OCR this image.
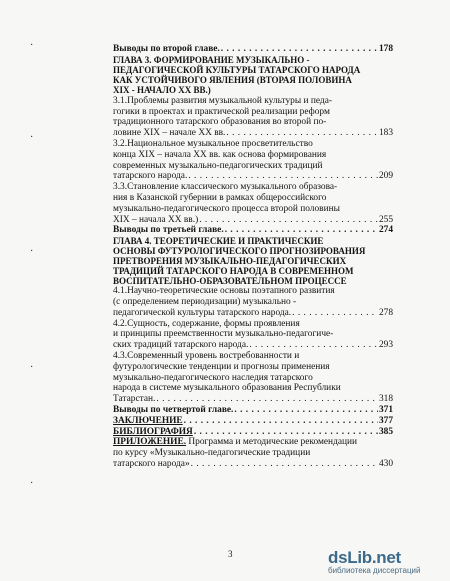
·
·
·
·
·
Выводы по второй главе. . . .	178
ГЛАВА 3. ФОРМИРОВАНИЕ МУЗЫКАЛЬНО -
ПЕДАГОГИЧЕСКОЙ КУЛЬТУРЫ ТАТАРСКОГО НАРОДА
КАК УСТОЙЧИВОГО ЯВЛЕНИЯ (ВТОРАЯ ПОЛОВИНА
XIX - НАЧАЛО XX ВВ.)
3.1.Проблемы развития музыкальной культуры и педа-
гогики в проектах и практической реализации реформ
традиционного татарского образования во второй по-
ловине XIX – начале XX вв. . . .	183
3.2.Национальное музыкальное просветительство
конца XIX – начала XX вв. как основа формирования
современных музыкально-педагогических традиций
татарского народа. . . .	209
3.3.Становление классического музыкального образова-
ния в Казанской губернии в рамках общероссийского
музыкально-педагогического процесса второй половины
XIX – начала XX вв.) . . .	255
Выводы по третьей главе. . . .	274
ГЛАВА 4. ТЕОРЕТИЧЕСКИЕ И ПРАКТИЧЕСКИЕ
ОСНОВЫ ФУТУРОЛОГИЧЕСКОГО ПРОГНОЗИРОВАНИЯ
ПРЕТВОРЕНИЯ МУЗЫКАЛЬНО-ПЕДАГОГИЧЕСКИХ
ТРАДИЦИЙ ТАТАРСКОГО НАРОДА В СОВРЕМЕННОМ
ВОСПИТАТЕЛЬНО-ОБРАЗОВАТЕЛЬНОМ ПРОЦЕССЕ
4.1.Научно-теоретические основы поэтапного развития
(с определением периодизации) музыкально -
педагогической культуры татарского народа. . . .	278
4.2.Сущность, содержание, формы проявления
и принципы преемственности музыкально-педагогиче-
ских традиций татарского народа. . . .	293
4.3.Современный уровень востребованности и
футурологические тенденции и прогнозы применения
музыкально-педагогического наследия татарского
народа в системе музыкального образования Республики
Татарстан. . . .	318
Выводы по четвертой главе. . . .	371
ЗАКЛЮЧЕНИЕ . . .	377
БИБЛИОГРАФИЯ . . .	385
ПРИЛОЖЕНИЕ. Программа и методические рекомендации
по курсу «Музыкально-педагогические традиции
татарского народа» . . .	430
3	dsLib.net
библиотека диссертаций
